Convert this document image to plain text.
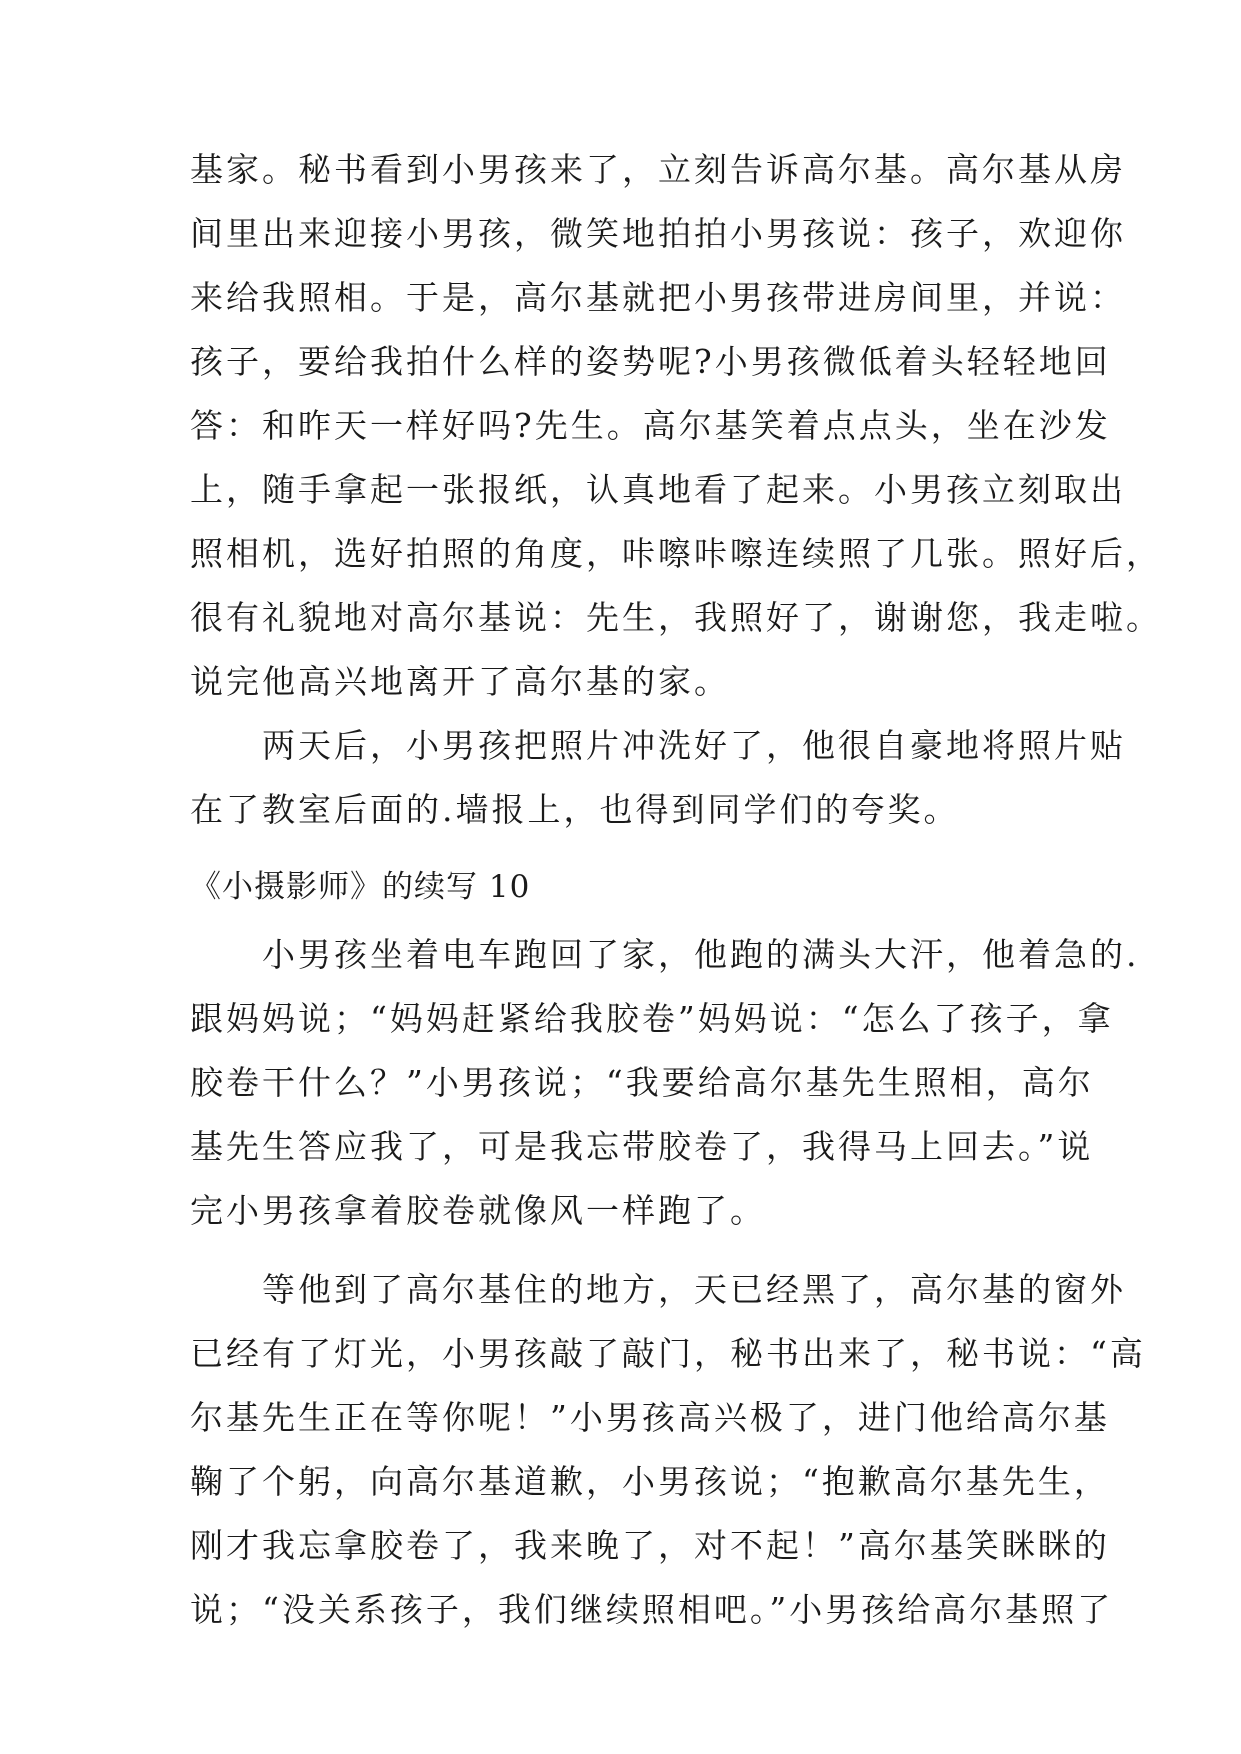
基家。秘书看到小男孩来了，立刻告诉高尔基。高尔基从房
间里出来迎接小男孩，微笑地拍拍小男孩说：孩子，欢迎你
来给我照相。于是，高尔基就把小男孩带进房间里，并说：
孩子，要给我拍什么样的姿势呢?小男孩微低着头轻轻地回
答：和昨天一样好吗?先生。高尔基笑着点点头，坐在沙发
上，随手拿起一张报纸，认真地看了起来。小男孩立刻取出
照相机，选好拍照的角度，咔嚓咔嚓连续照了几张。照好后，
很有礼貌地对高尔基说：先生，我照好了，谢谢您，我走啦。
说完他高兴地离开了高尔基的家。
两天后，小男孩把照片冲洗好了，他很自豪地将照片贴
在了教室后面的.墙报上，也得到同学们的夸奖。
《小摄影师》的续写 10
小男孩坐着电车跑回了家，他跑的满头大汗，他着急的.
跟妈妈说；“妈妈赶紧给我胶卷”妈妈说：“怎么了孩子，拿
胶卷干什么？”小男孩说；“我要给高尔基先生照相，高尔
基先生答应我了，可是我忘带胶卷了，我得马上回去。”说
完小男孩拿着胶卷就像风一样跑了。
等他到了高尔基住的地方，天已经黑了，高尔基的窗外
已经有了灯光，小男孩敲了敲门，秘书出来了，秘书说：“高
尔基先生正在等你呢！”小男孩高兴极了，进门他给高尔基
鞠了个躬，向高尔基道歉，小男孩说；“抱歉高尔基先生，
刚才我忘拿胶卷了，我来晚了，对不起！”高尔基笑眯眯的
说；“没关系孩子，我们继续照相吧。”小男孩给高尔基照了
